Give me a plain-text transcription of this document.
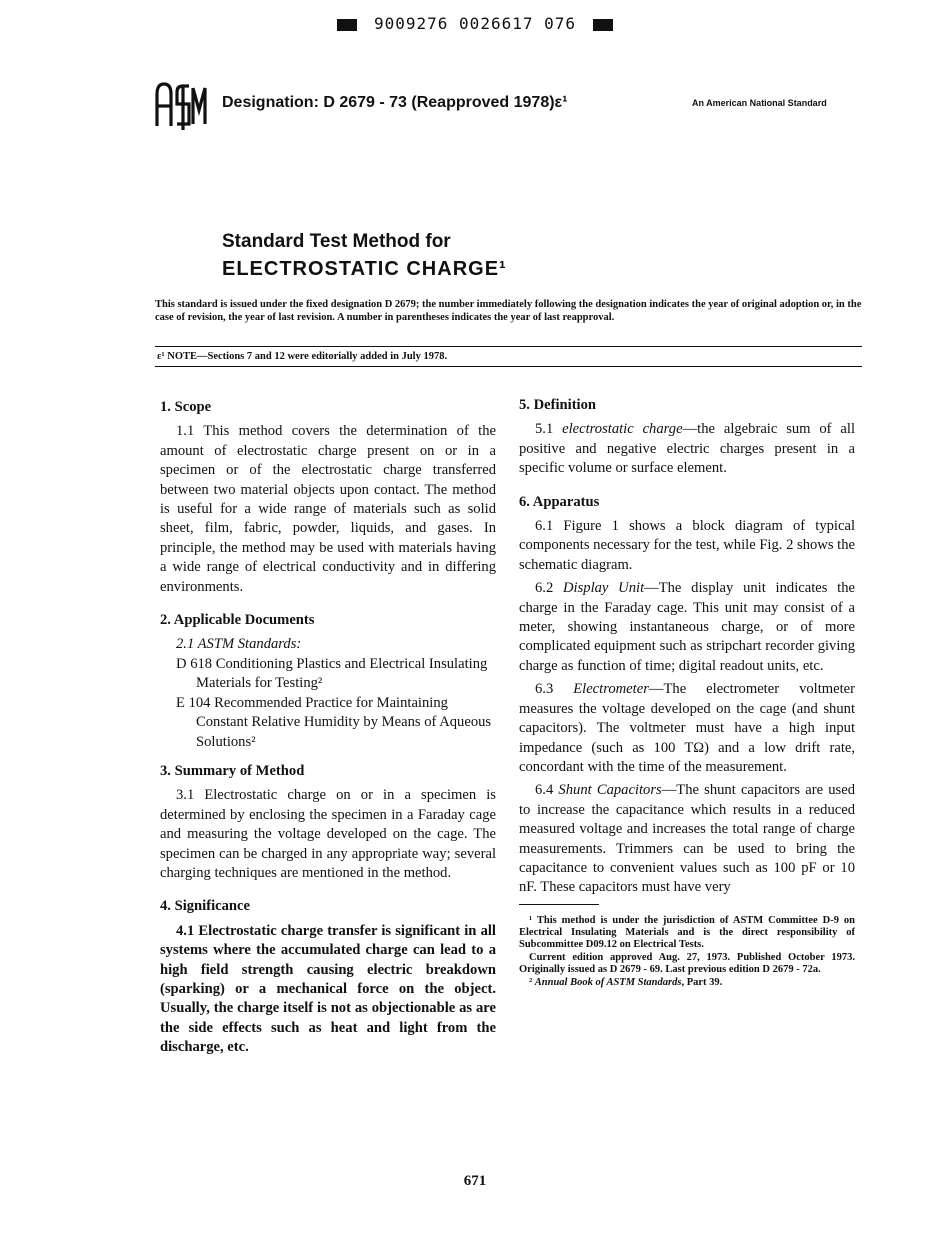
9009276 0026617 076
Designation: D 2679 - 73 (Reapproved 1978)ε¹	An American National Standard
Standard Test Method for
ELECTROSTATIC CHARGE¹
This standard is issued under the fixed designation D 2679; the number immediately following the designation indicates the year of original adoption or, in the case of revision, the year of last revision. A number in parentheses indicates the year of last reapproval.
ε¹ NOTE—Sections 7 and 12 were editorially added in July 1978.
1. Scope
1.1 This method covers the determination of the amount of electrostatic charge present on or in a specimen or of the electrostatic charge transferred between two material objects upon contact. The method is useful for a wide range of materials such as solid sheet, film, fabric, powder, liquids, and gases. In principle, the method may be used with materials having a wide range of electrical conductivity and in differing environments.
2. Applicable Documents
2.1 ASTM Standards:
D 618 Conditioning Plastics and Electrical Insulating Materials for Testing²
E 104 Recommended Practice for Maintaining Constant Relative Humidity by Means of Aqueous Solutions²
3. Summary of Method
3.1 Electrostatic charge on or in a specimen is determined by enclosing the specimen in a Faraday cage and measuring the voltage developed on the cage. The specimen can be charged in any appropriate way; several charging techniques are mentioned in the method.
4. Significance
4.1 Electrostatic charge transfer is significant in all systems where the accumulated charge can lead to a high field strength causing electric breakdown (sparking) or a mechanical force on the object. Usually, the charge itself is not as objectionable as are the side effects such as heat and light from the discharge, etc.
5. Definition
5.1 electrostatic charge—the algebraic sum of all positive and negative electric charges present in a specific volume or surface element.
6. Apparatus
6.1 Figure 1 shows a block diagram of typical components necessary for the test, while Fig. 2 shows the schematic diagram.
6.2 Display Unit—The display unit indicates the charge in the Faraday cage. This unit may consist of a meter, showing instantaneous charge, or of more complicated equipment such as stripchart recorder giving charge as function of time; digital readout units, etc.
6.3 Electrometer—The electrometer voltmeter measures the voltage developed on the cage (and shunt capacitors). The voltmeter must have a high input impedance (such as 100 TΩ) and a low drift rate, concordant with the time of the measurement.
6.4 Shunt Capacitors—The shunt capacitors are used to increase the capacitance which results in a reduced measured voltage and increases the total range of charge measurements. Trimmers can be used to bring the capacitance to convenient values such as 100 pF or 10 nF. These capacitors must have very

¹ This method is under the jurisdiction of ASTM Committee D-9 on Electrical Insulating Materials and is the direct responsibility of Subcommittee D09.12 on Electrical Tests.

Current edition approved Aug. 27, 1973. Published October 1973. Originally issued as D 2679 - 69. Last previous edition D 2679 - 72a.

² Annual Book of ASTM Standards, Part 39.

671
